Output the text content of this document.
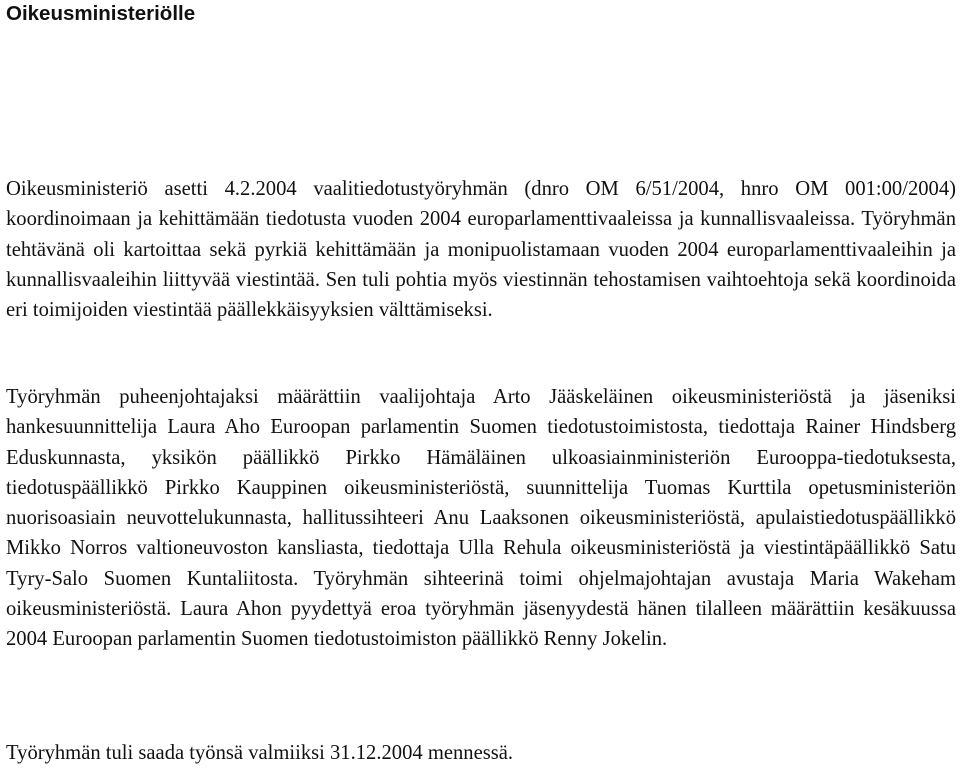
Oikeusministeriölle

Oikeusministeriö asetti 4.2.2004 vaalitiedotustyöryhmän (dnro OM 6/51/2004, hnro OM 001:00/2004) koordinoimaan ja kehittämään tiedotusta vuoden 2004 europarlamenttivaaleissa ja kunnallisvaaleissa. Työryhmän tehtävänä oli kartoittaa sekä pyrkiä kehittämään ja monipuolistamaan vuoden 2004 europarlamenttivaaleihin ja kunnallisvaaleihin liittyvää viestintää. Sen tuli pohtia myös viestinnän tehostamisen vaihtoehtoja sekä koordinoida eri toimijoiden viestintää päällekkäisyyksien välttämiseksi.

Työryhmän puheenjohtajaksi määrättiin vaalijohtaja Arto Jääskeläinen oikeusministeriöstä ja jäseniksi hankesuunnittelija Laura Aho Euroopan parlamentin Suomen tiedotustoimistosta, tiedottaja Rainer Hindsberg Eduskunnasta, yksikön päällikkö Pirkko Hämäläinen ulkoasiainministeriön Eurooppa-tiedotuksesta, tiedotuspäällikkö Pirkko Kauppinen oikeusministeriöstä, suunnittelija Tuomas Kurttila opetusministeriön nuorisoasiain neuvottelukunnasta, hallitussihteeri Anu Laaksonen oikeusministeriöstä, apulaistiedotuspäällikkö Mikko Norros valtioneuvoston kansliasta, tiedottaja Ulla Rehula oikeusministeriöstä ja viestintäpäällikkö Satu Tyry-Salo Suomen Kuntaliitosta. Työryhmän sihteerinä toimi ohjelmajohtajan avustaja Maria Wakeham oikeusministeriöstä. Laura Ahon pyydettyä eroa työryhmän jäsenyydestä hänen tilalleen määrättiin kesäkuussa 2004 Euroopan parlamentin Suomen tiedotustoimiston päällikkö Renny Jokelin.

Työryhmän tuli saada työnsä valmiiksi 31.12.2004 mennessä.
